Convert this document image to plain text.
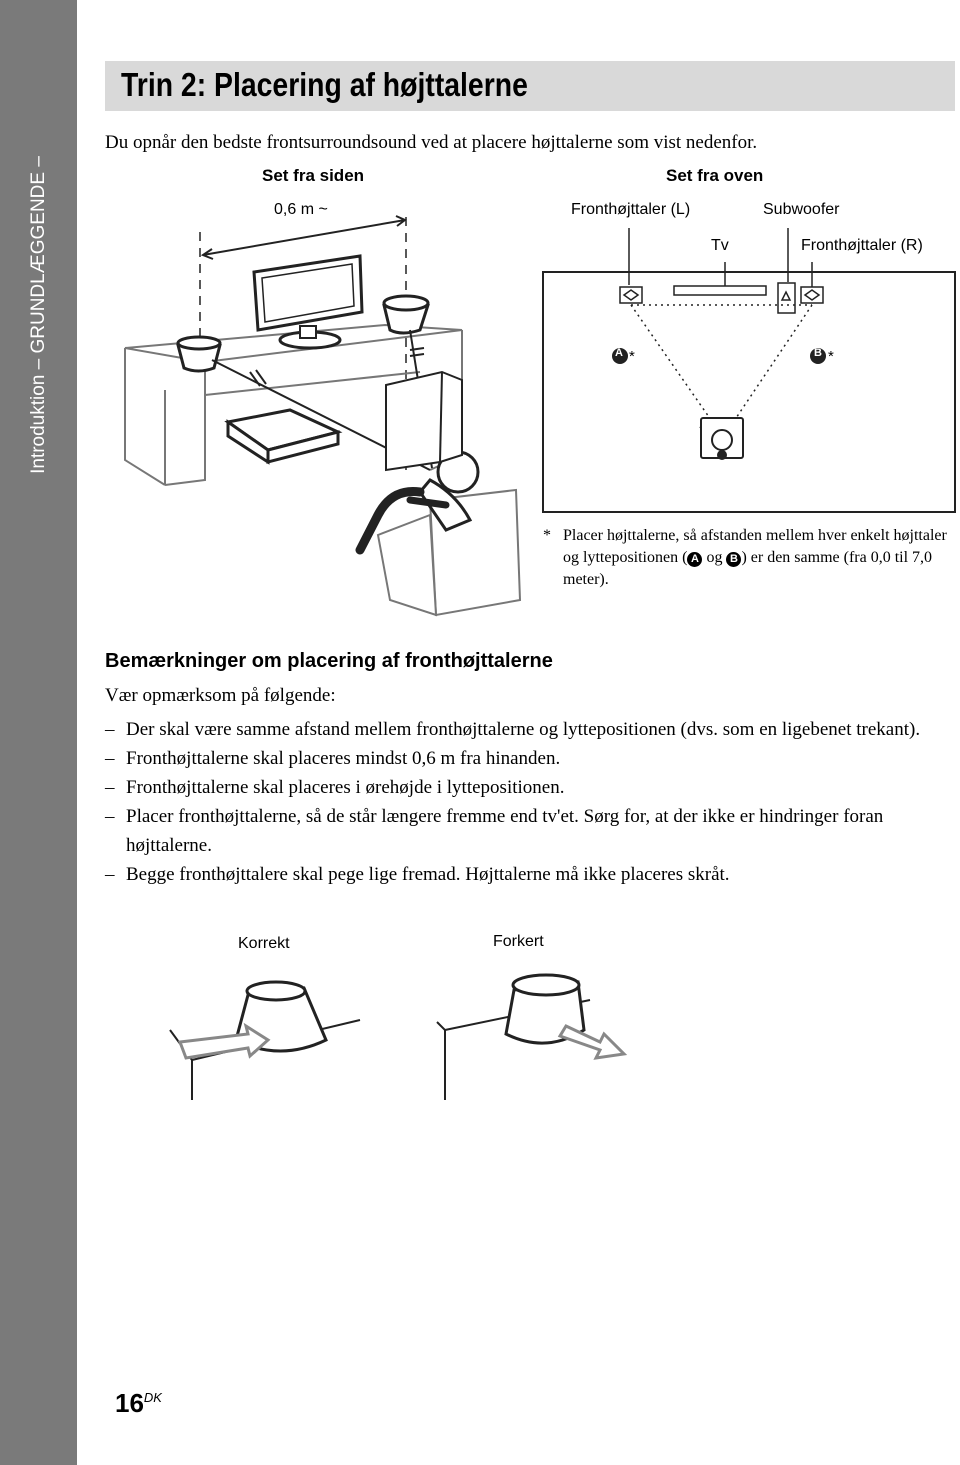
Introduktion – GRUNDLÆGGENDE –
Trin 2: Placering af højttalerne
Du opnår den bedste frontsurroundsound ved at placere højttalerne som vist nedenfor.
Set fra siden
0,6 m ~
Set fra oven
Fronthøjttaler (L)	Subwoofer
Tv	Fronthøjttaler (R)
A *	B *
* Placer højttalerne, så afstanden mellem hver enkelt højttaler og lyttepositionen ( A og B ) er den samme (fra 0,0 til 7,0 meter).
Bemærkninger om placering af fronthøjttalerne
Vær opmærksom på følgende:
– Der skal være samme afstand mellem fronthøjttalerne og lyttepositionen (dvs. som en ligebenet trekant).
– Fronthøjttalerne skal placeres mindst 0,6 m fra hinanden.
– Fronthøjttalerne skal placeres i ørehøjde i lyttepositionen.
– Placer fronthøjttalerne, så de står længere fremme end tv'et. Sørg for, at der ikke er hindringer foran højttalerne.
– Begge fronthøjttalere skal pege lige fremad. Højttalerne må ikke placeres skråt.
Korrekt	Forkert
$16^{DK}$
